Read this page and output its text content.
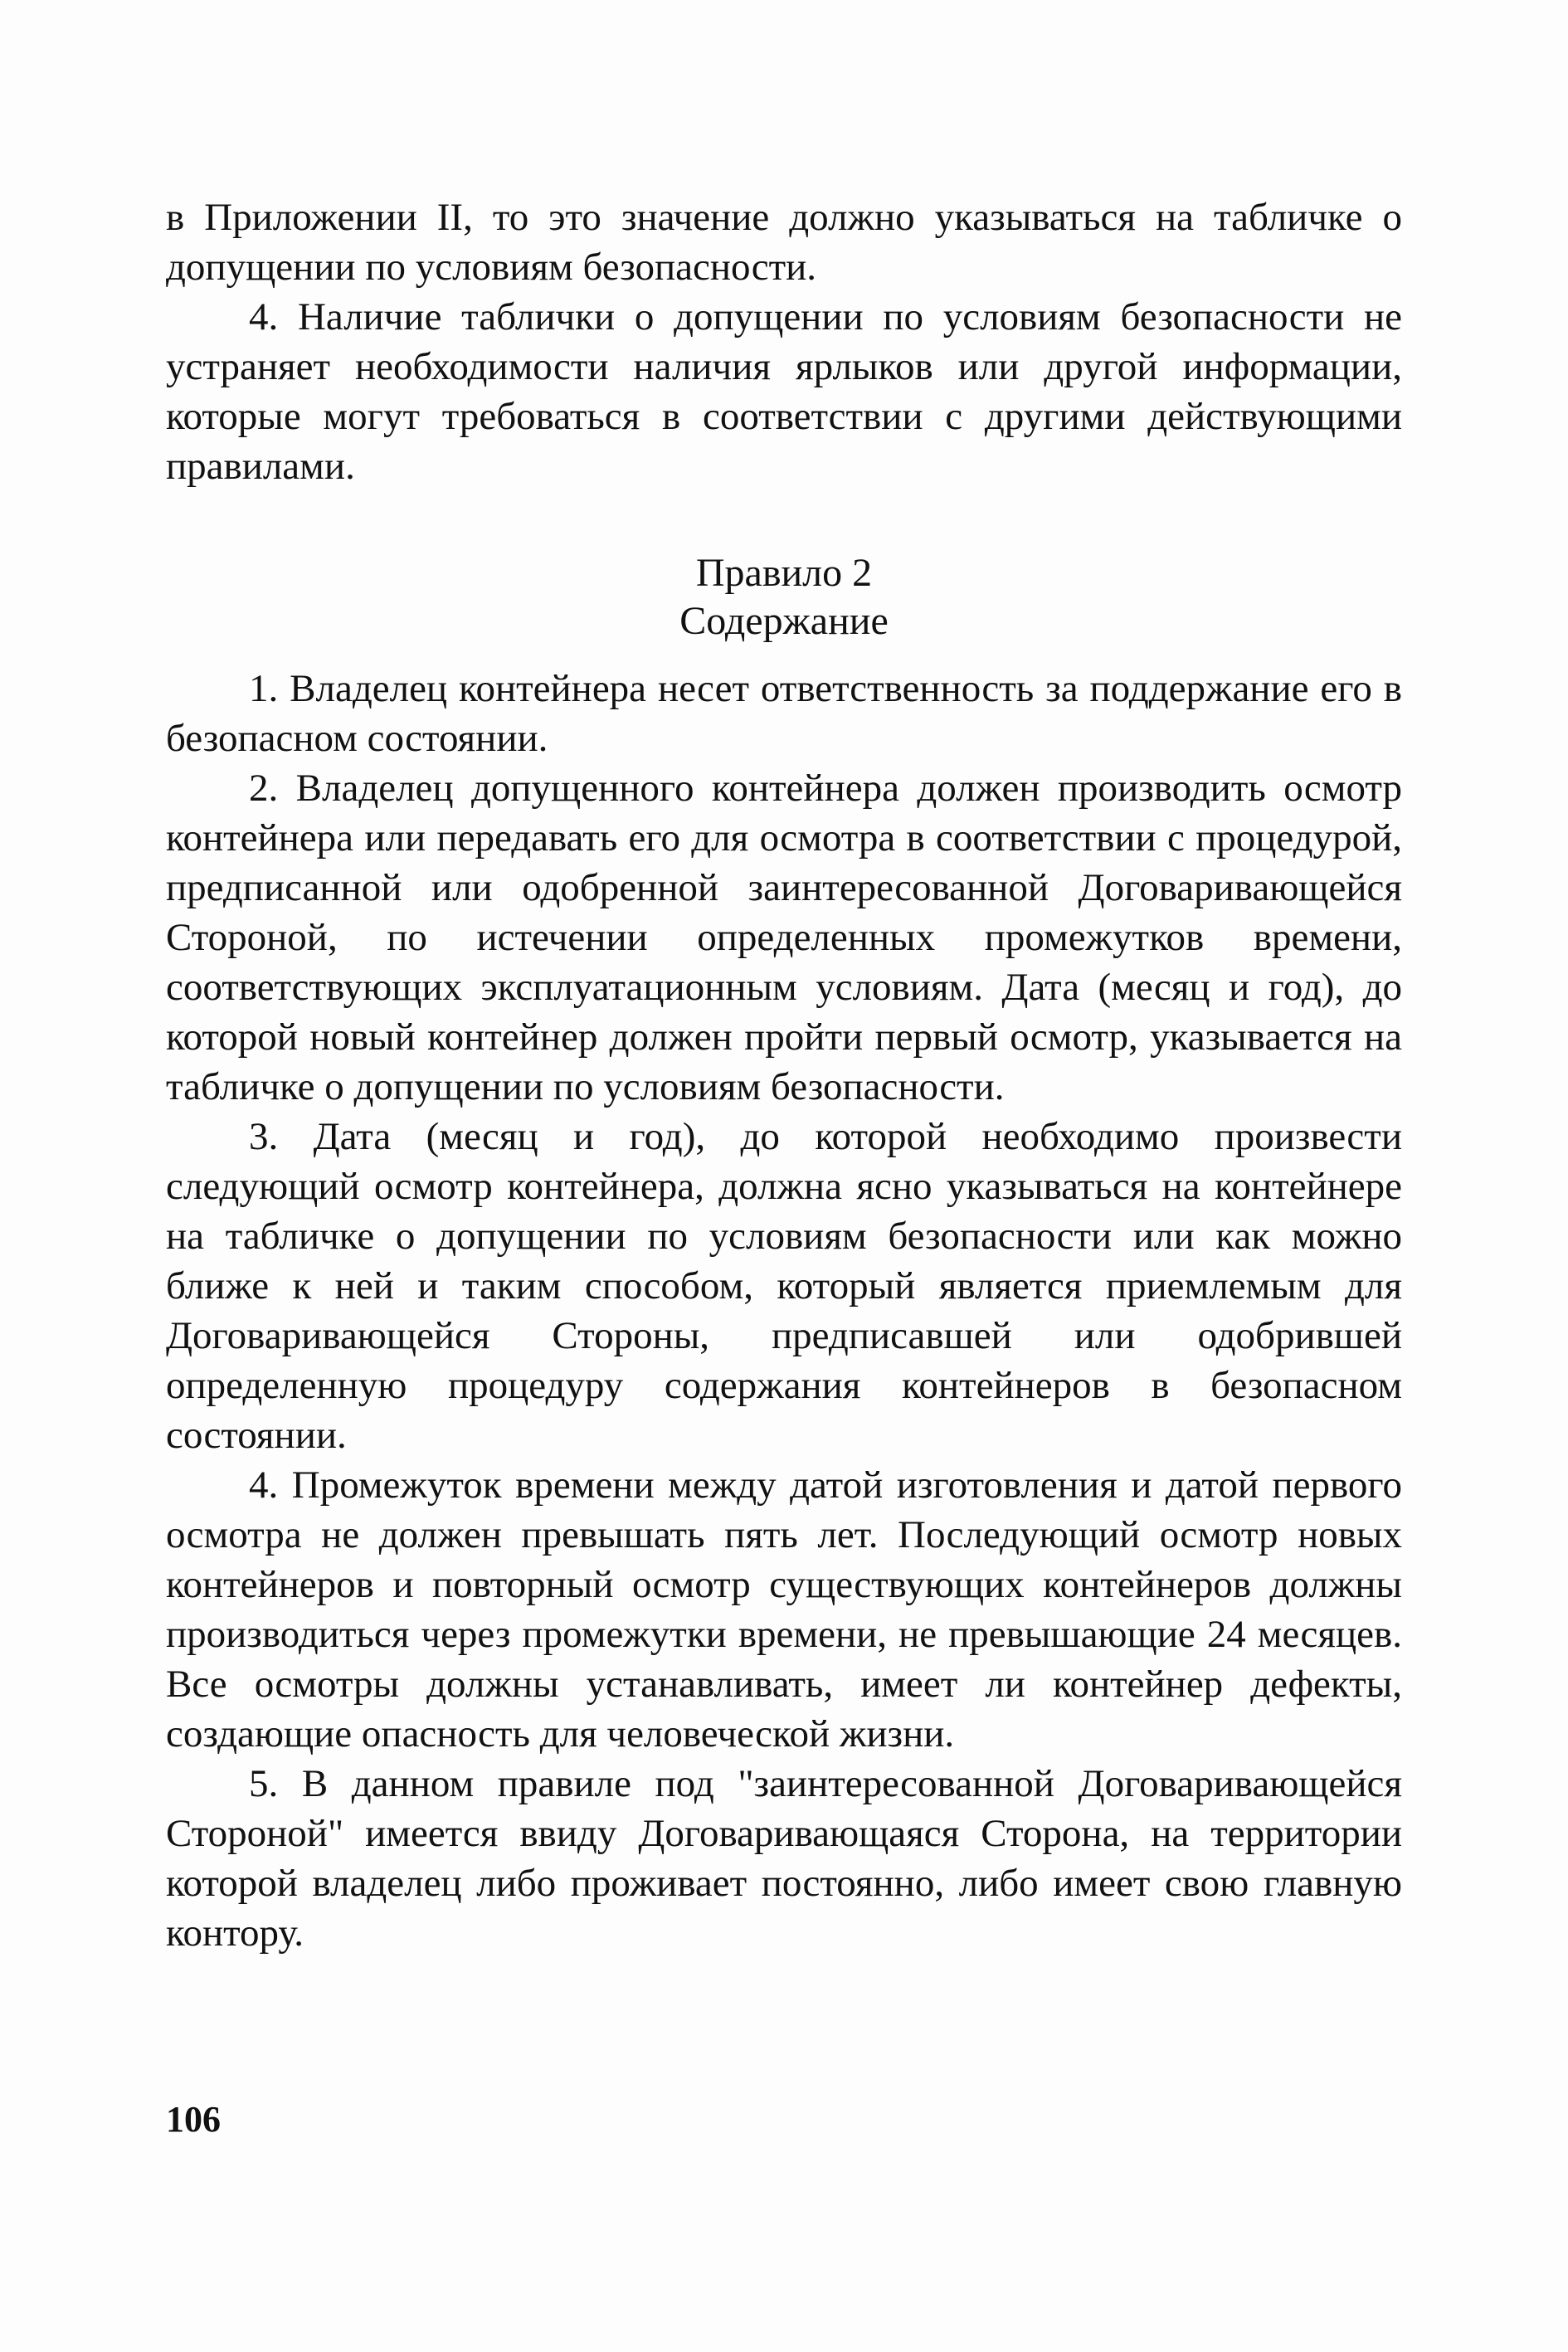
в Приложении II, то это значение должно указываться на табличке о допущении по условиям безопасности.

4. Наличие таблички о допущении по условиям безопасности не устраняет необходимости наличия ярлыков или другой информации, которые могут требоваться в соответствии с другими действующими правилами.

Правило 2
Содержание

1. Владелец контейнера несет ответственность за поддержание его в безопасном состоянии.

2. Владелец допущенного контейнера должен производить осмотр контейнера или передавать его для осмотра в соответствии с процедурой, предписанной или одобренной заинтересованной Договаривающейся Стороной, по истечении определенных промежутков времени, соответствующих эксплуатационным условиям. Дата (месяц и год), до которой новый контейнер должен пройти первый осмотр, указывается на табличке о допущении по условиям безопасности.

3. Дата (месяц и год), до которой необходимо произвести следующий осмотр контейнера, должна ясно указываться на контейнере на табличке о допущении по условиям безопасности или как можно ближе к ней и таким способом, который является приемлемым для Договаривающейся Стороны, предписавшей или одобрившей определенную процедуру содержания контейнеров в безопасном состоянии.

4. Промежуток времени между датой изготовления и датой первого осмотра не должен превышать пять лет. Последующий осмотр новых контейнеров и повторный осмотр существующих контейнеров должны производиться через промежутки времени, не превышающие 24 месяцев. Все осмотры должны устанавливать, имеет ли контейнер дефекты, создающие опасность для человеческой жизни.

5. В данном правиле под "заинтересованной Договаривающейся Стороной" имеется ввиду Договаривающаяся Сторона, на территории которой владелец либо проживает постоянно, либо имеет свою главную контору.

106
